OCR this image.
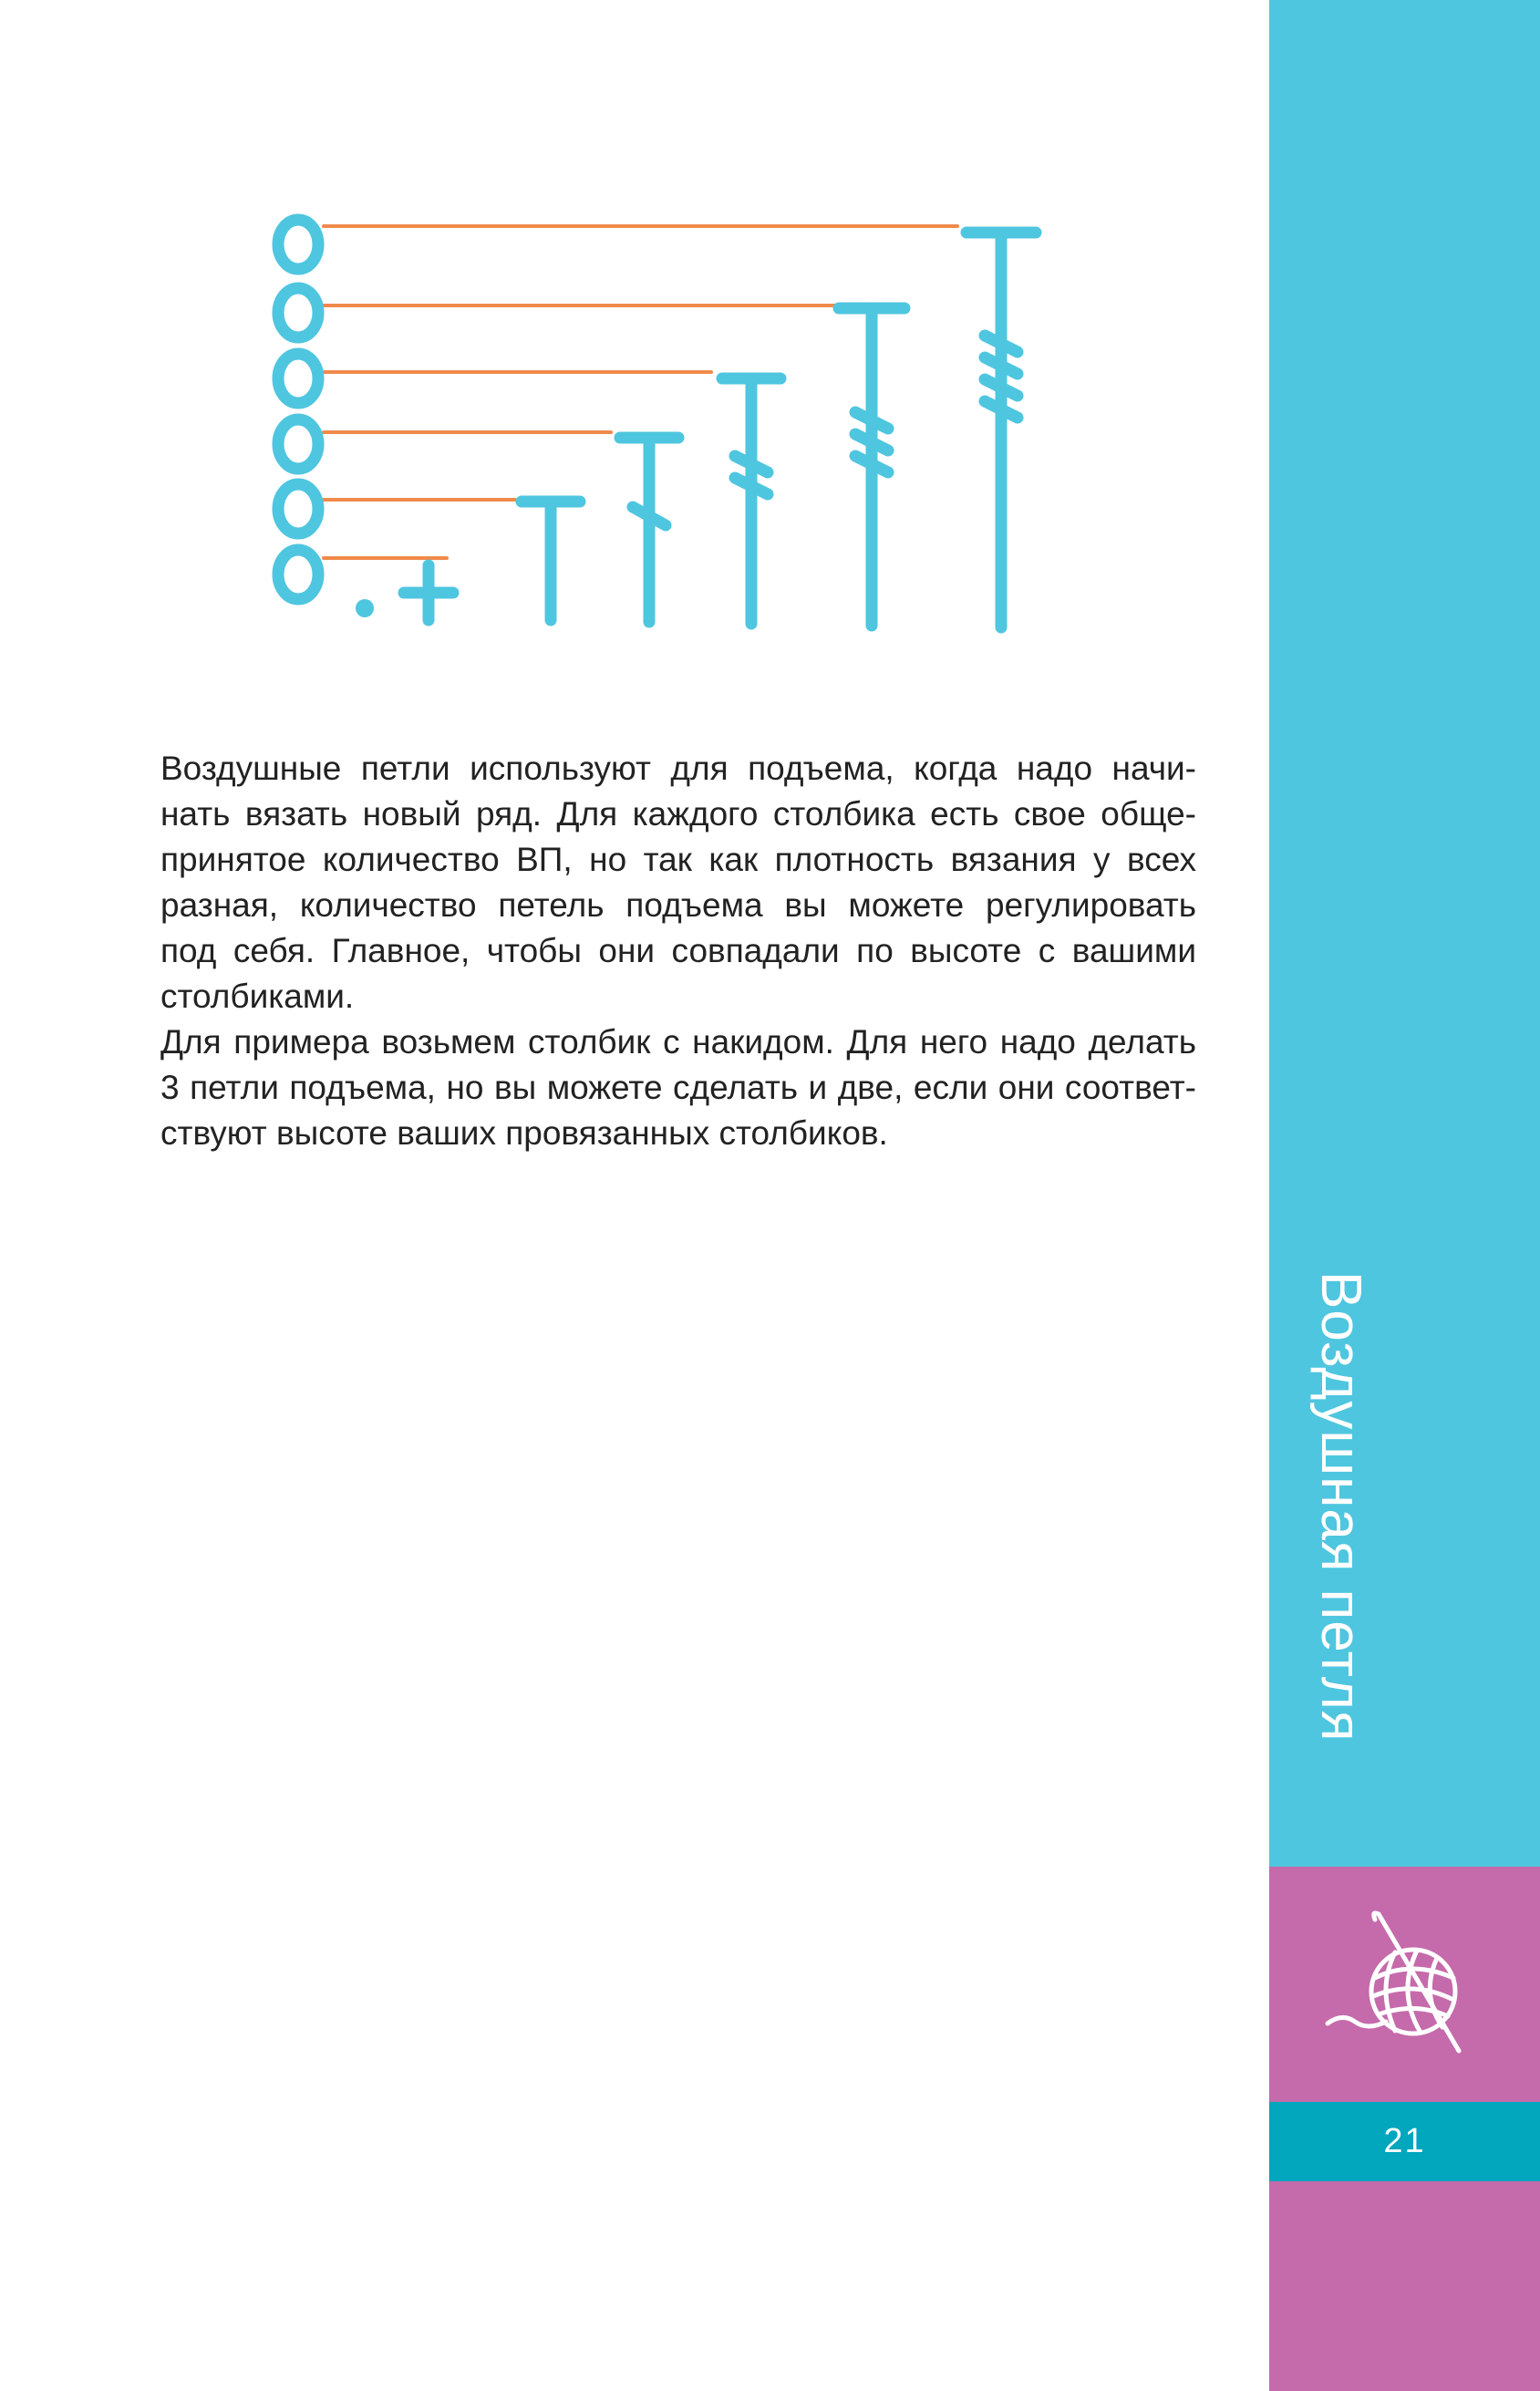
Воздушные петли используют для подъема, когда надо начи-

нать вязать новый ряд. Для каждого столбика есть свое обще-

принятое количество ВП, но так как плотность вязания у всех

разная, количество петель подъема вы можете регулировать

под себя. Главное, чтобы они совпадали по высоте с вашими

столбиками.

Для примера возьмем столбик с накидом. Для него надо делать

3 петли подъема, но вы можете сделать и две, если они соответ-

ствуют высоте ваших провязанных столбиков.

21
Воздушная петля
